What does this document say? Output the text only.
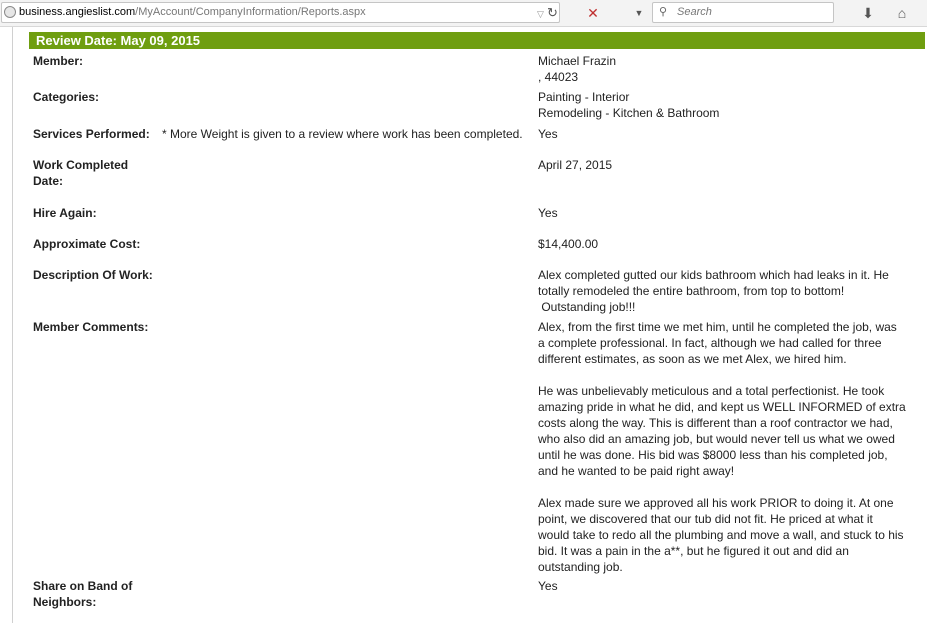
business.angieslist.com/MyAccount/CompanyInformation/Reports.aspx	▽ ↻	✕	▼ ⚲ Search	⬇	⌂
Review Date: May 09, 2015
Member:	Michael Frazin
, 44023
Categories:	Painting - Interior
Remodeling - Kitchen & Bathroom
Services Performed: * More Weight is given to a review where work has been completed. Yes
Work Completed
Date:
April 27, 2015
Hire Again:	Yes
Approximate Cost:	$14,400.00
Description Of Work:	Alex completed gutted our kids bathroom which had leaks in it. He
totally remodeled the entire bathroom, from top to bottom!
Outstanding job!!!
Member Comments:	Alex, from the first time we met him, until he completed the job, was
a complete professional. In fact, although we had called for three
different estimates, as soon as we met Alex, we hired him.
He was unbelievably meticulous and a total perfectionist. He took
amazing pride in what he did, and kept us WELL INFORMED of extra
costs along the way. This is different than a roof contractor we had,
who also did an amazing job, but would never tell us what we owed
until he was done. His bid was $8000 less than his completed job,
and he wanted to be paid right away!
Alex made sure we approved all his work PRIOR to doing it. At one
point, we discovered that our tub did not fit. He priced at what it
would take to redo all the plumbing and move a wall, and stuck to his
bid. It was a pain in the a**, but he figured it out and did an
outstanding job.
Share on Band of
Neighbors:
Yes
